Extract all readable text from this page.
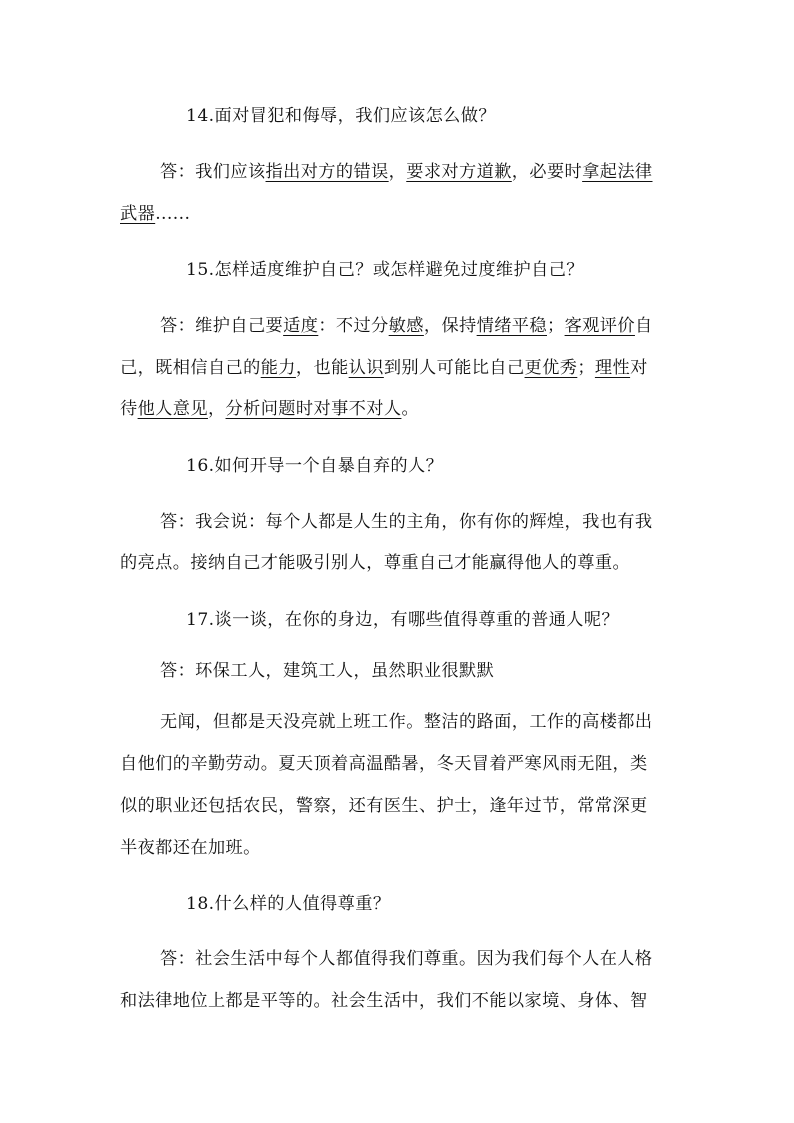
14.面对冒犯和侮辱，我们应该怎么做？
答：我们应该指出对方的错误，要求对方道歉，必要时拿起法律
武器......
15.怎样适度维护自己？或怎样避免过度维护自己？
答：维护自己要适度：不过分敏感，保持情绪平稳；客观评价自
己，既相信自己的能力，也能认识到别人可能比自己更优秀；理性对
待他人意见，分析问题时对事不对人。
16.如何开导一个自暴自弃的人？
答：我会说：每个人都是人生的主角，你有你的辉煌，我也有我
的亮点。接纳自己才能吸引别人，尊重自己才能赢得他人的尊重。
17.谈一谈，在你的身边，有哪些值得尊重的普通人呢？
答：环保工人，建筑工人，虽然职业很默默
无闻，但都是天没亮就上班工作。整洁的路面，工作的高楼都出
自他们的辛勤劳动。夏天顶着高温酷暑，冬天冒着严寒风雨无阻，类
似的职业还包括农民，警察，还有医生、护士，逢年过节，常常深更
半夜都还在加班。
18.什么样的人值得尊重？
答：社会生活中每个人都值得我们尊重。因为我们每个人在人格
和法律地位上都是平等的。社会生活中，我们不能以家境、身体、智
